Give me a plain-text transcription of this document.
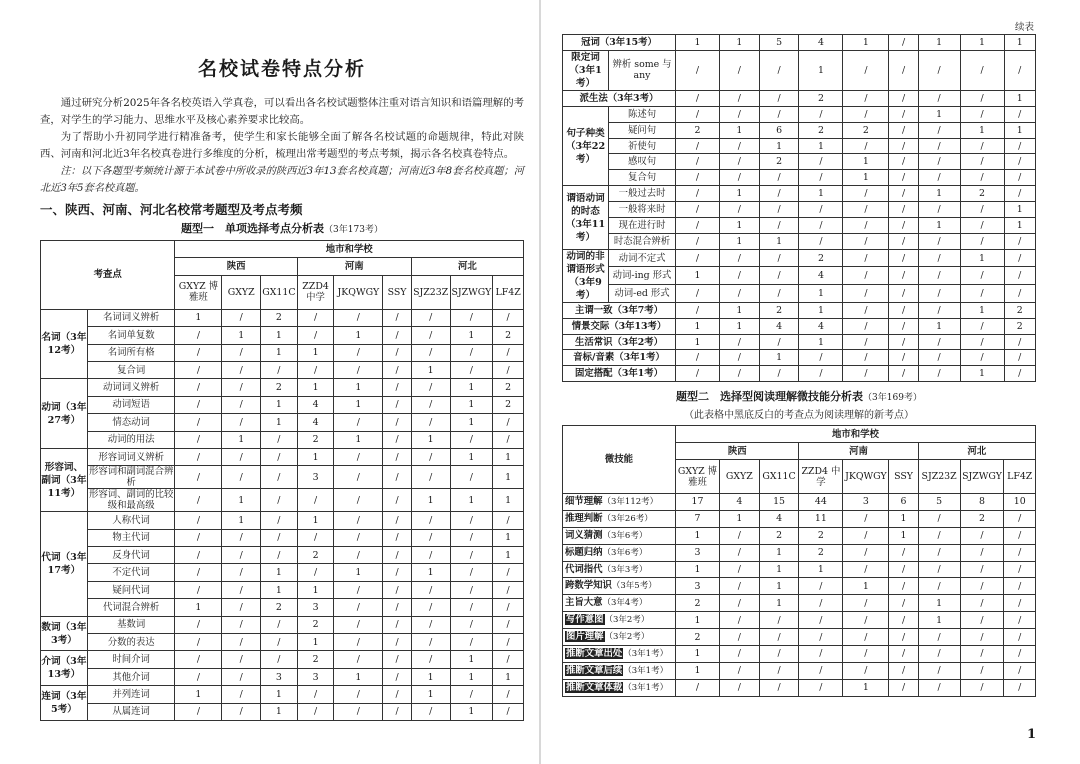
名校试卷特点分析

通过研究分析2025年各名校英语入学真卷，可以看出各名校试题整体注重对语言知识和语篇理解的考查，对学生的学习能力、思维水平及核心素养要求比较高。

为了帮助小升初同学进行精准备考，使学生和家长能够全面了解各名校试题的命题规律，特此对陕西、河南和河北近3年名校真卷进行多维度的分析，梳理出常考题型的考点考频，揭示各名校真卷特点。

注：以下各题型考频统计源于本试卷中所收录的陕西近3年13套名校真题；河南近3年8套名校真题；河北近3年5套名校真题。

一、陕西、河南、河北名校常考题型及考点考频
题型一　单项选择考点分析表（3年173考）
考查点		地市和学校								
		陕西			河南			河北		
		GXYZ 博雅班	GXYZ	GX11C	ZZD4 中学	JKQWGY	SSY	SJZ23Z	SJZWGY	LF4Z
名词（3年12考）	名词词义辨析	1	/	2	/	/	/	/	/	/
	名词单复数	/	1	1	/	1	/	/	1	2
	名词所有格	/	/	1	1	/	/	/	/	/
	复合词	/	/	/	/	/	/	1	/	/
动词（3年27考）	动词词义辨析	/	/	2	1	1	/	/	1	2
	动词短语	/	/	1	4	1	/	/	1	2
	情态动词	/	/	1	4	/	/	/	1	/
	动词的用法	/	1	/	2	1	/	1	/	/
形容词、副词（3年11考）	形容词词义辨析	/	/	/	1	/	/	/	1	1
	形容词和副词混合辨析	/	/	/	3	/	/	/	/	1
	形容词、副词的比较级和最高级	/	1	/	/	/	/	1	1	1
代词（3年17考）	人称代词	/	1	/	1	/	/	/	/	/
	物主代词	/	/	/	/	/	/	/	/	1
	反身代词	/	/	/	2	/	/	/	/	1
	不定代词	/	/	1	/	1	/	1	/	/
	疑问代词	/	/	1	1	/	/	/	/	/
	代词混合辨析	1	/	2	3	/	/	/	/	/
数词（3年3考）	基数词	/	/	/	2	/	/	/	/	/
	分数的表达	/	/	/	1	/	/	/	/	/
介词（3年13考）	时间介词	/	/	/	2	/	/	/	1	/
	其他介词	/	/	3	3	1	/	1	1	1
连词（3年5考）	并列连词	1	/	1	/	/	/	1	/	/
	从属连词	/	/	1	/	/	/	/	1	/
续表
冠词（3年15考）		1	1	5	4	1	/	1	1	1
限定词（3年1考）	辨析 some 与 any	/	/	/	1	/	/	/	/	/
派生法（3年3考）		/	/	/	2	/	/	/	/	1
句子种类（3年22考）	陈述句	/	/	/	/	/	/	1	/	/
	疑问句	2	1	6	2	2	/	/	1	1
	祈使句	/	/	1	1	/	/	/	/	/
	感叹句	/	/	2	/	1	/	/	/	/
	复合句	/	/	/	/	1	/	/	/	/
谓语动词的时态（3年11考）	一般过去时	/	1	/	1	/	/	1	2	/
	一般将来时	/	/	/	/	/	/	/	/	1
	现在进行时	/	1	/	/	/	/	1	/	1
	时态混合辨析	/	1	1	/	/	/	/	/	/
动词的非谓语形式（3年9考）	动词不定式	/	/	/	2	/	/	/	1	/
	动词-ing 形式	1	/	/	4	/	/	/	/	/
	动词-ed 形式	/	/	/	1	/	/	/	/	/
主谓一致（3年7考）		/	1	2	1	/	/	/	1	2
情景交际（3年13考）		1	1	4	4	/	/	1	/	2
生活常识（3年2考）		1	/	/	1	/	/	/	/	/
音标/音素（3年1考）		/	/	1	/	/	/	/	/	/
固定搭配（3年1考）		/	/	/	/	/	/	/	1	/
题型二　选择型阅读理解微技能分析表（3年169考）
（此表格中黑底反白的考查点为阅读理解的新考点）
微技能	地市和学校								
	陕西			河南			河北		
	GXYZ 博雅班	GXYZ	GX11C	ZZD4 中学	JKQWGY	SSY	SJZ23Z	SJZWGY	LF4Z
细节理解（3年112考）	17	4	15	44	3	6	5	8	10
推理判断（3年26考）	7	1	4	11	/	1	/	2	/
词义猜测（3年6考）	1	/	2	2	/	1	/	/	/
标题归纳（3年6考）	3	/	1	2	/	/	/	/	/
代词指代（3年3考）	1	/	1	1	/	/	/	/	/
跨数学知识（3年5考）	3	/	1	/	1	/	/	/	/
主旨大意（3年4考）	2	/	1	/	/	/	1	/	/
写作意图（3年2考）	1	/	/	/	/	/	1	/	/
图片理解（3年2考）	2	/	/	/	/	/	/	/	/
推断文章出处（3年1考）	1	/	/	/	/	/	/	/	/
推断文章后续（3年1考）	1	/	/	/	/	/	/	/	/
推断文章体裁（3年1考）	/	/	/	/	1	/	/	/	/
1
